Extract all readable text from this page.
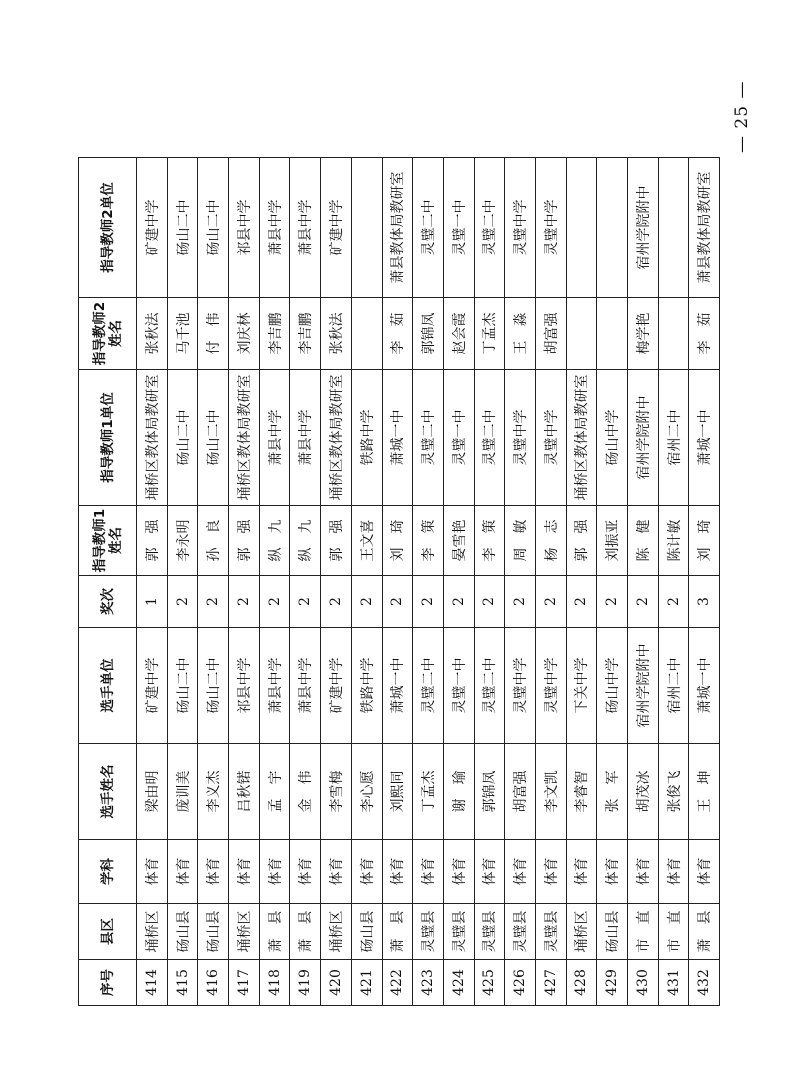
序号	县区	学科	选手姓名	选手单位	奖次	指导教师1姓名	指导教师1单位	指导教师2姓名	指导教师2单位
414	埇桥区	体育	梁由明	矿建中学	1	郭　强	埇桥区教体局教研室	张秋法	矿建中学
415	砀山县	体育	庞训美	砀山二中	2	李永明	砀山二中	马千池	砀山二中
416	砀山县	体育	李义杰	砀山二中	2	孙　良	砀山二中	付　伟	砀山二中
417	埇桥区	体育	吕秋锘	祁县中学	2	郭　强	埇桥区教体局教研室	刘庆林	祁县中学
418	萧　县	体育	孟　宇	萧县中学	2	纵　九	萧县中学	李吉鹏	萧县中学
419	萧　县	体育	金　伟	萧县中学	2	纵　九	萧县中学	李吉鹏	萧县中学
420	埇桥区	体育	李雪梅	矿建中学	2	郭　强	埇桥区教体局教研室	张秋法	矿建中学
421	砀山县	体育	李心愿	铁路中学	2	王文喜	铁路中学		
422	萧　县	体育	刘熙同	萧城一中	2	刘　琦	萧城一中	李　茹	萧县教体局教研室
423	灵璧县	体育	丁孟杰	灵璧二中	2	李　策	灵璧二中	郭锦凤	灵璧二中
424	灵璧县	体育	谢　瑜	灵璧一中	2	晏雪艳	灵璧一中	赵会霞	灵璧一中
425	灵璧县	体育	郭锦凤	灵璧二中	2	李　策	灵璧二中	丁孟杰	灵璧二中
426	灵璧县	体育	胡富强	灵璧中学	2	周　敏	灵璧中学	王　淼	灵璧中学
427	灵璧县	体育	李文凯	灵璧中学	2	杨　志	灵璧中学	胡富强	灵璧中学
428	埇桥区	体育	李睿智	下关中学	2	郭　强	埇桥区教体局教研室		
429	砀山县	体育	张　军	砀山中学	2	刘振亚	砀山中学		
430	市　直	体育	胡茂冰	宿州学院附中	2	陈　健	宿州学院附中	梅学艳	宿州学院附中
431	市　直	体育	张俊飞	宿州二中	2	陈计敏	宿州二中		
432	萧　县	体育	王　坤	萧城一中	3	刘　琦	萧城一中	李　茹	萧县教体局教研室
— 25 —
